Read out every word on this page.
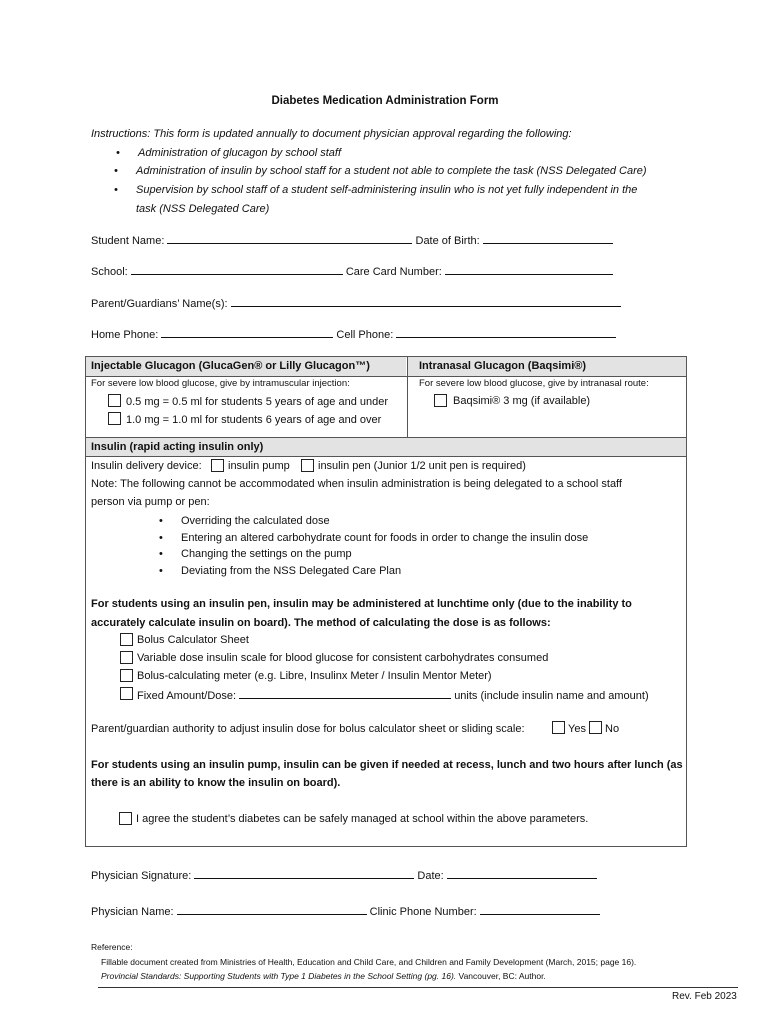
Diabetes Medication Administration Form
Instructions: This form is updated annually to document physician approval regarding the following:
• Administration of glucagon by school staff
• Administration of insulin by school staff for a student not able to complete the task (NSS Delegated Care)
• Supervision by school staff of a student self-administering insulin who is not yet fully independent in the
task (NSS Delegated Care)
Student Name:	Date of Birth:
School:	Care Card Number:
Parent/Guardians’ Name(s):
Home Phone:	Cell Phone:
Injectable Glucagon (GlucaGen® or Lilly Glucagon™)	Intranasal Glucagon (Baqsimi®)
For severe low blood glucose, give by intramuscular injection:	For severe low blood glucose, give by intranasal route:
0.5 mg = 0.5 ml for students 5 years of age and under
1.0 mg = 1.0 ml for students 6 years of age and over
Baqsimi® 3 mg (if available)
Insulin (rapid acting insulin only)
Insulin delivery device: insulin pump	insulin pen (Junior 1/2 unit pen is required)
Note: The following cannot be accommodated when insulin administration is being delegated to a school staff
person via pump or pen:
• Overriding the calculated dose
• Entering an altered carbohydrate count for foods in order to change the insulin dose
• Changing the settings on the pump
• Deviating from the NSS Delegated Care Plan
For students using an insulin pen, insulin may be administered at lunchtime only (due to the inability to
accurately calculate insulin on board). The method of calculating the dose is as follows:
Bolus Calculator Sheet
Variable dose insulin scale for blood glucose for consistent carbohydrates consumed
Bolus-calculating meter (e.g. Libre, Insulinx Meter / Insulin Mentor Meter)
Fixed Amount/Dose:	units (include insulin name and amount)
Parent/guardian authority to adjust insulin dose for bolus calculator sheet or sliding scale:	Yes No
For students using an insulin pump, insulin can be given if needed at recess, lunch and two hours after lunch (as
there is an ability to know the insulin on board).
I agree the student’s diabetes can be safely managed at school within the above parameters.
Physician Signature:	Date:
Physician Name:	Clinic Phone Number:
Reference:
Fillable document created from Ministries of Health, Education and Child Care, and Children and Family Development (March, 2015; page 16).
Provincial Standards: Supporting Students with Type 1 Diabetes in the School Setting (pg. 16). Vancouver, BC: Author.
Rev. Feb 2023
